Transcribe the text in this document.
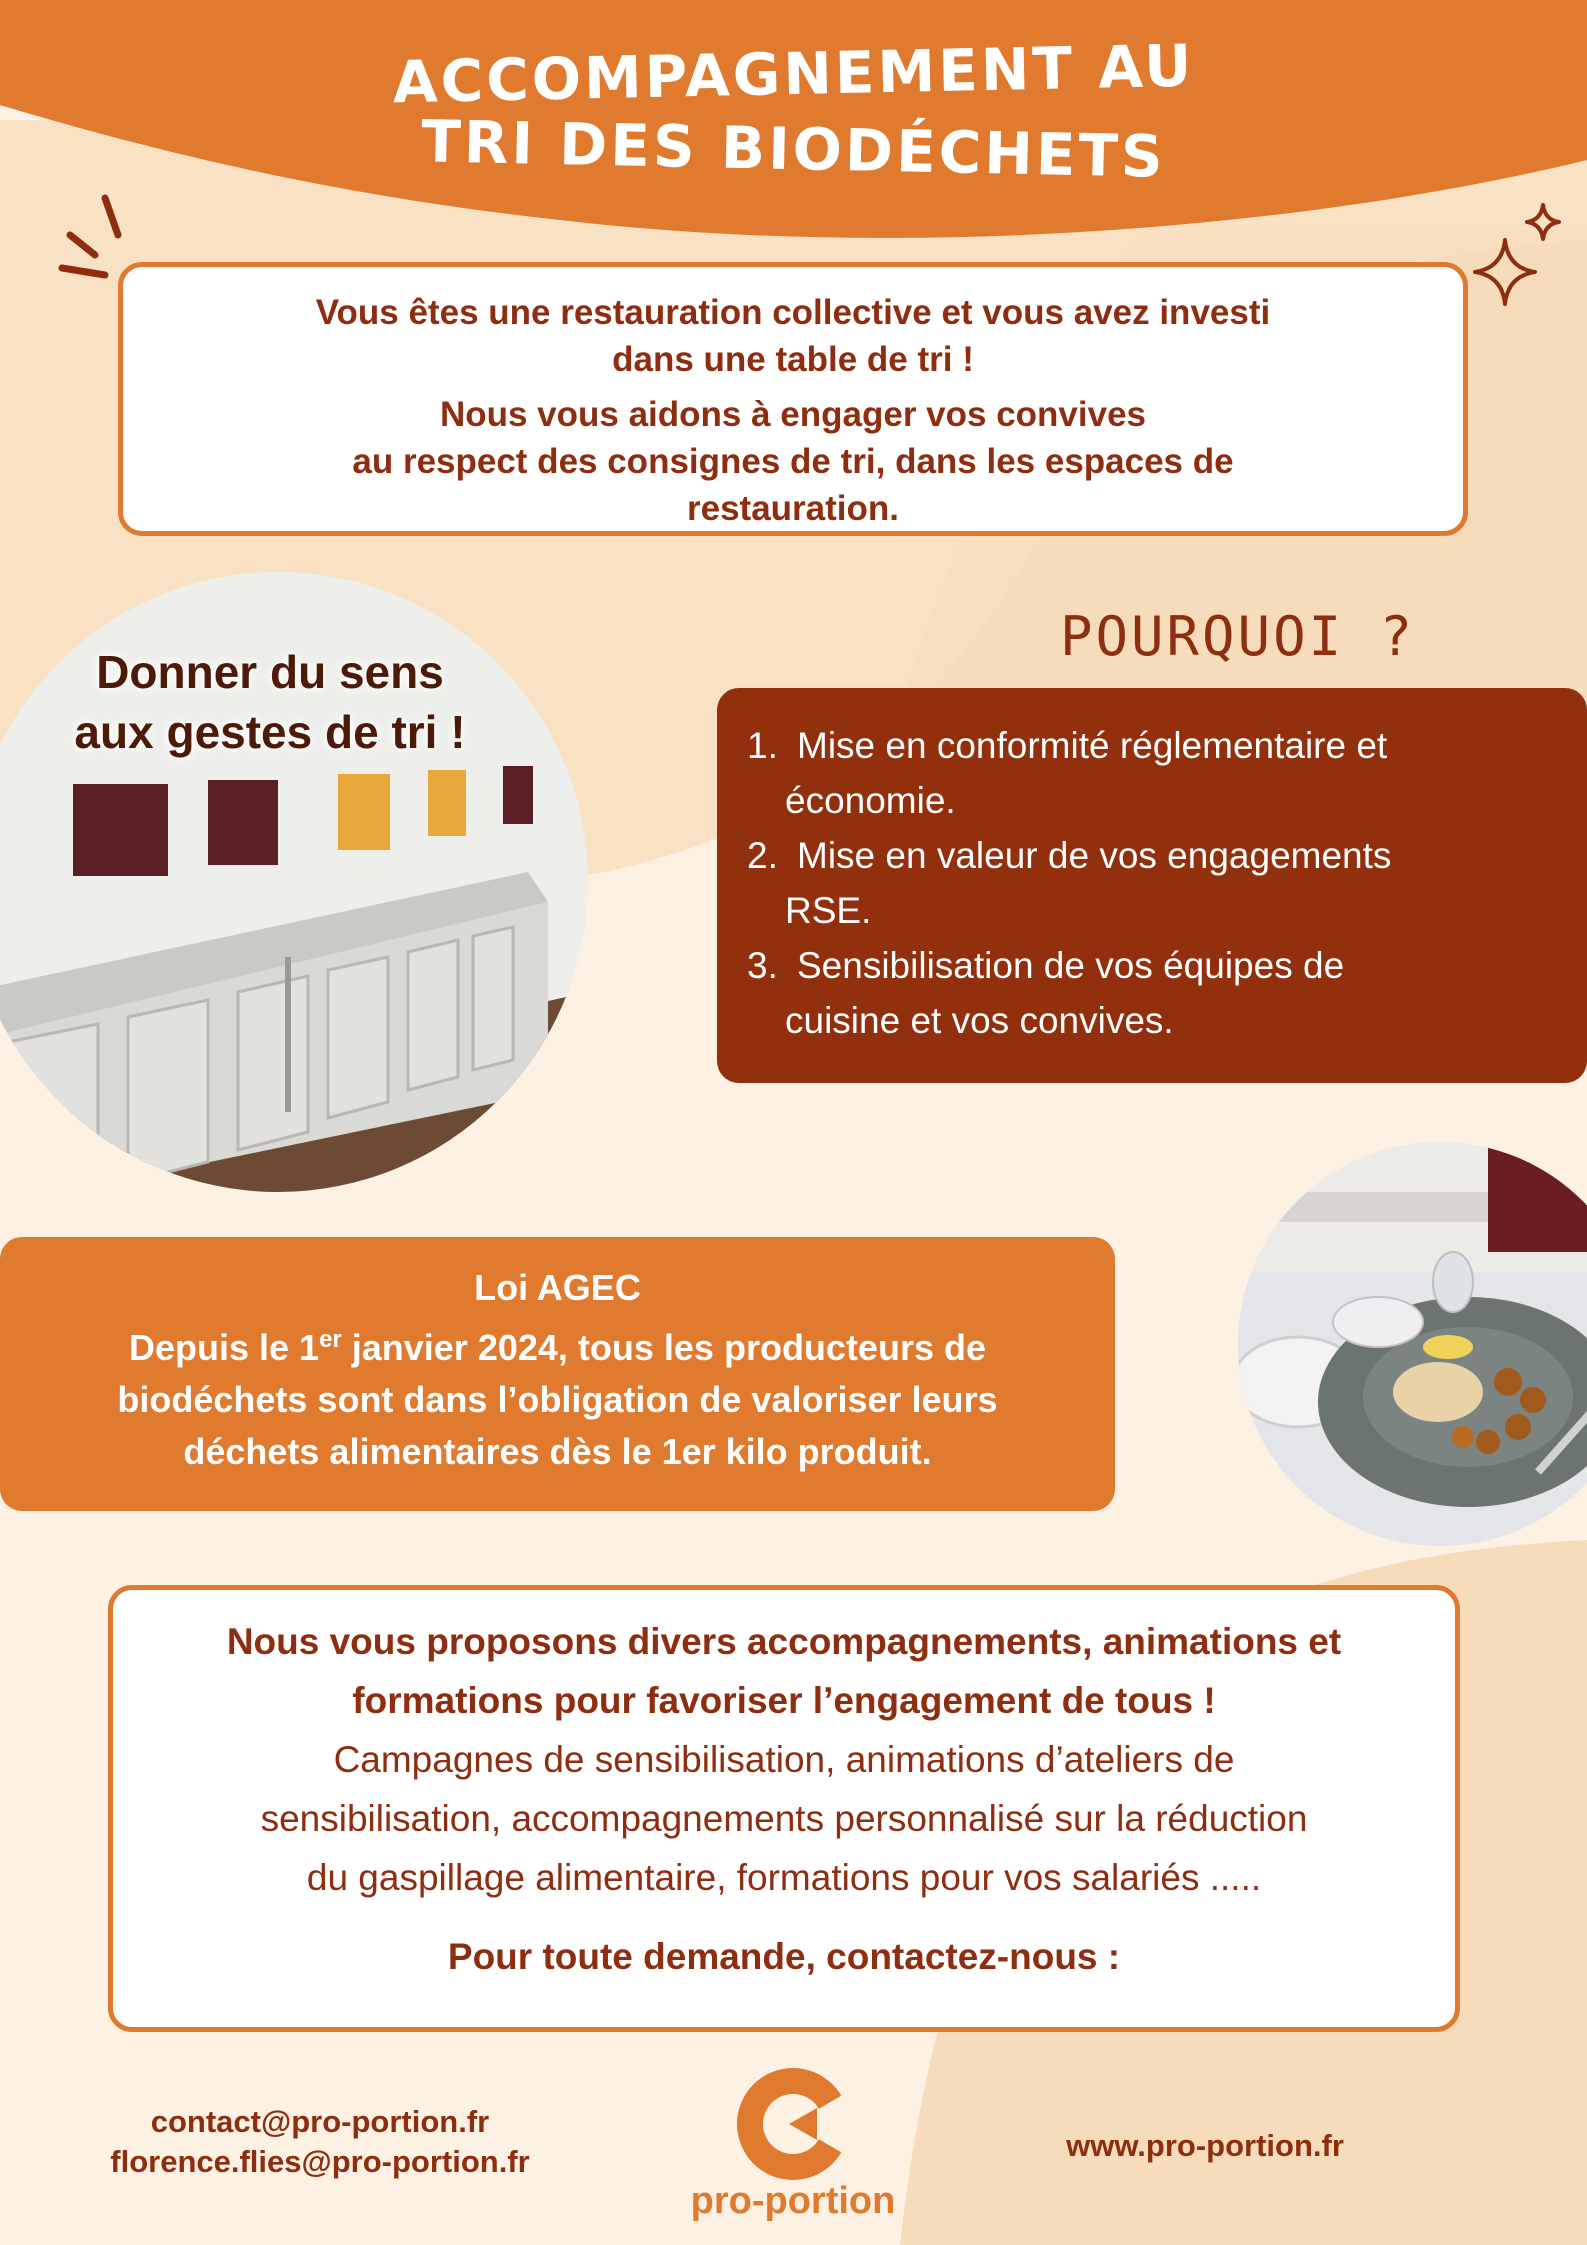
ACCOMPAGNEMENT AU
TRI DES BIODÉCHETS
Vous êtes une restauration collective et vous avez investi
dans une table de tri !
Nous vous aidons à engager vos convives
au respect des consignes de tri, dans les espaces de
restauration.
Donner du sens
aux gestes de tri !
POURQUOI ?
1. Mise en conformité réglementaire et
économie.
2. Mise en valeur de vos engagements
RSE.
3. Sensibilisation de vos équipes de
cuisine et vos convives.
Loi AGEC
Depuis le 1er janvier 2024, tous les producteurs de
biodéchets sont dans l’obligation de valoriser leurs
déchets alimentaires dès le 1er kilo produit.
Nous vous proposons divers accompagnements, animations et
formations pour favoriser l’engagement de tous !
Campagnes de sensibilisation, animations d’ateliers de
sensibilisation, accompagnements personnalisé sur la réduction
du gaspillage alimentaire, formations pour vos salariés .....
Pour toute demande, contactez-nous :
contact@pro-portion.fr
florence.flies@pro-portion.fr
pro-portion
www.pro-portion.fr
